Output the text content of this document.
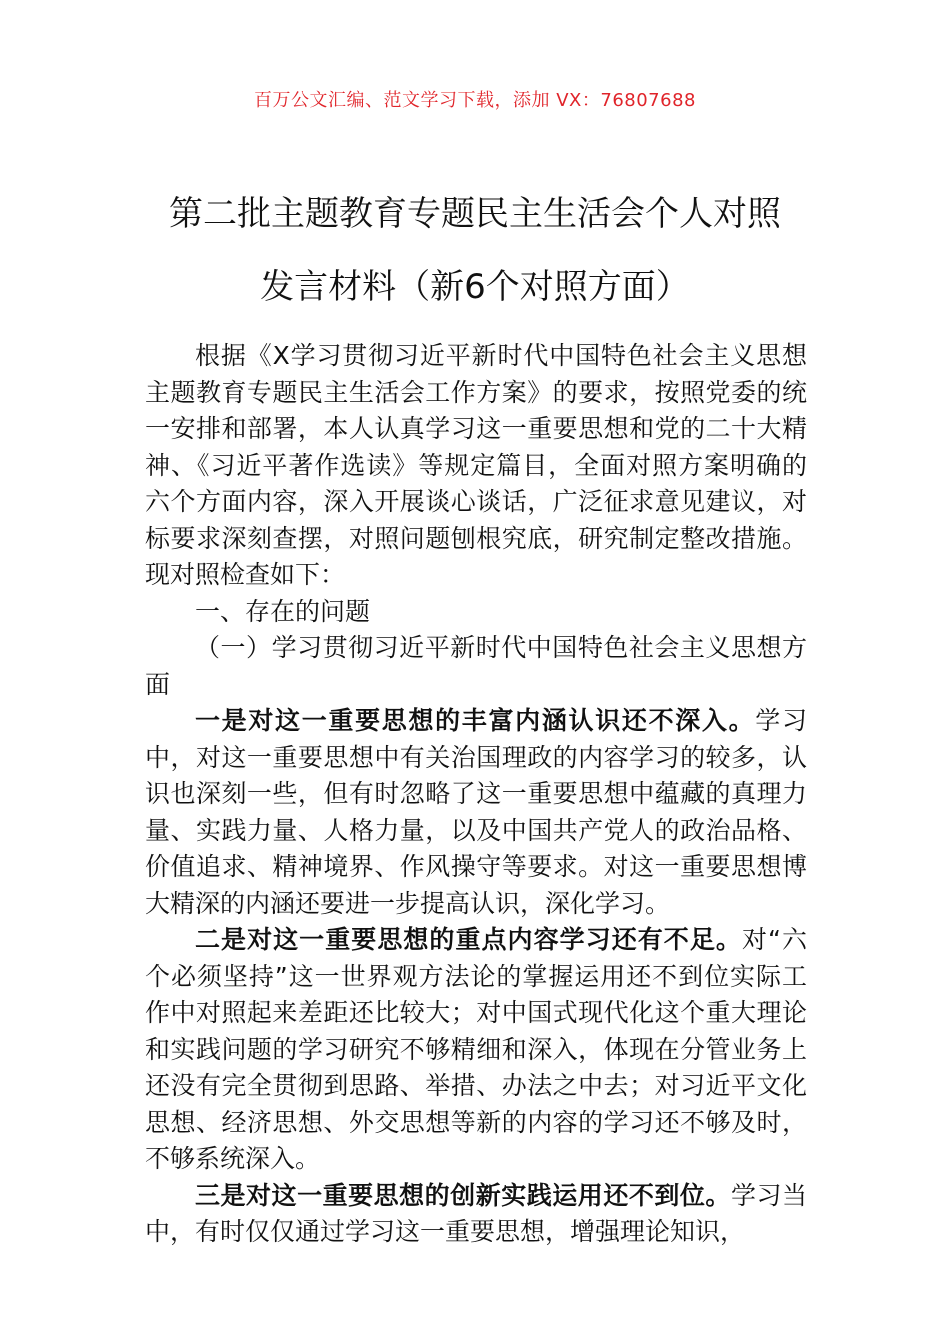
百万公文汇编、范文学习下载，添加 VX：76807688
第二批主题教育专题民主生活会个人对照
发言材料（新6个对照方面）

根据《X学习贯彻习近平新时代中国特色社会主义思想主题教育专题民主生活会工作方案》的要求，按照党委的统一安排和部署，本人认真学习这一重要思想和党的二十大精神、《习近平著作选读》等规定篇目，全面对照方案明确的六个方面内容，深入开展谈心谈话，广泛征求意见建议，对标要求深刻查摆，对照问题刨根究底，研究制定整改措施。现对照检查如下：

一、存在的问题

（一）学习贯彻习近平新时代中国特色社会主义思想方面

一是对这一重要思想的丰富内涵认识还不深入。学习中，对这一重要思想中有关治国理政的内容学习的较多，认识也深刻一些，但有时忽略了这一重要思想中蕴藏的真理力量、实践力量、人格力量，以及中国共产党人的政治品格、价值追求、精神境界、作风操守等要求。对这一重要思想博大精深的内涵还要进一步提高认识，深化学习。

二是对这一重要思想的重点内容学习还有不足。对“六个必须坚持”这一世界观方法论的掌握运用还不到位实际工作中对照起来差距还比较大；对中国式现代化这个重大理论和实践问题的学习研究不够精细和深入，体现在分管业务上还没有完全贯彻到思路、举措、办法之中去；对习近平文化思想、经济思想、外交思想等新的内容的学习还不够及时，不够系统深入。

三是对这一重要思想的创新实践运用还不到位。学习当中，有时仅仅通过学习这一重要思想，增强理论知识，
